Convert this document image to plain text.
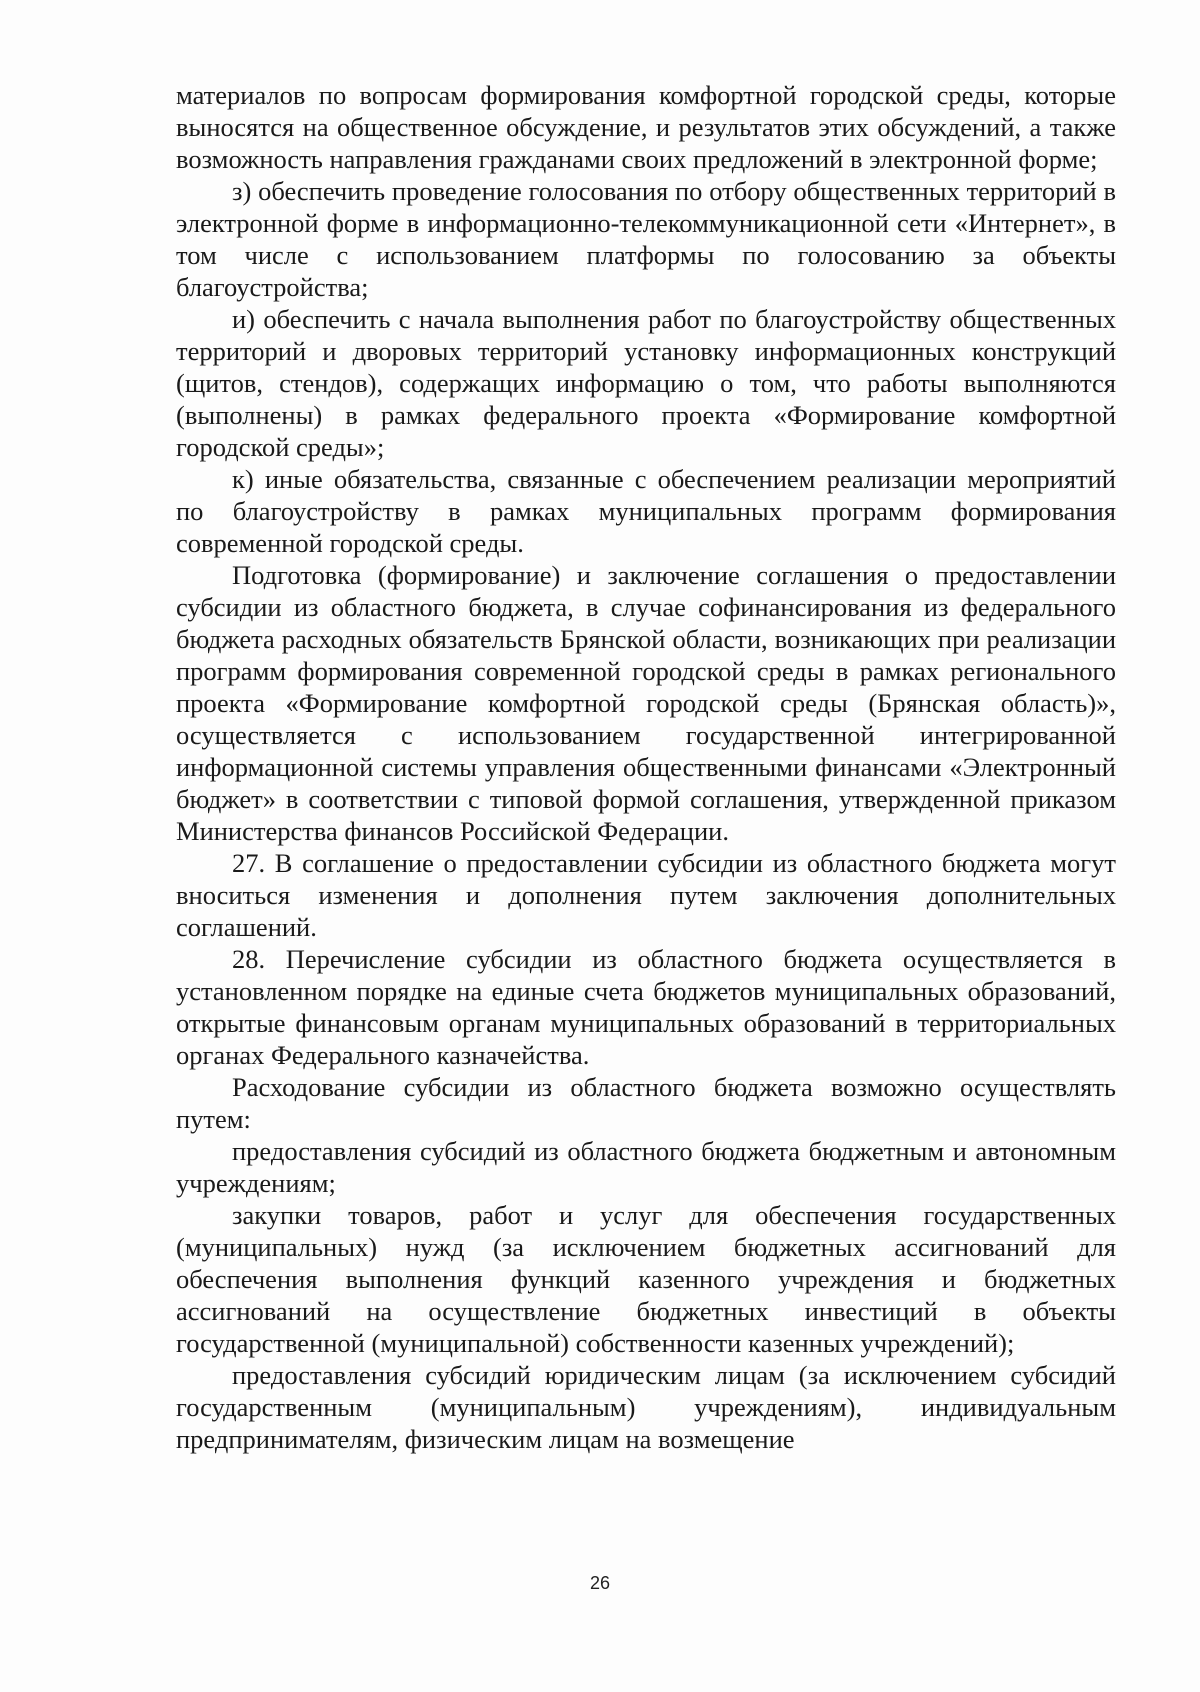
материалов по вопросам формирования комфортной городской среды, которые выносятся на общественное обсуждение, и результатов этих обсуждений, а также возможность направления гражданами своих предложений в электронной форме;

з) обеспечить проведение голосования по отбору общественных территорий в электронной форме в информационно-телекоммуникационной сети «Интернет», в том числе с использованием платформы по голосованию за объекты благоустройства;

и) обеспечить с начала выполнения работ по благоустройству общественных территорий и дворовых территорий установку информационных конструкций (щитов, стендов), содержащих информацию о том, что работы выполняются (выполнены) в рамках федерального проекта «Формирование комфортной городской среды»;

к) иные обязательства, связанные с обеспечением реализации мероприятий по благоустройству в рамках муниципальных программ формирования современной городской среды.

Подготовка (формирование) и заключение соглашения о предоставлении субсидии из областного бюджета, в случае софинансирования из федерального бюджета расходных обязательств Брянской области, возникающих при реализации программ формирования современной городской среды в рамках регионального проекта «Формирование комфортной городской среды (Брянская область)», осуществляется с использованием государственной интегрированной информационной системы управления общественными финансами «Электронный бюджет» в соответствии с типовой формой соглашения, утвержденной приказом Министерства финансов Российской Федерации.

27. В соглашение о предоставлении субсидии из областного бюджета могут вноситься изменения и дополнения путем заключения дополнительных соглашений.

28. Перечисление субсидии из областного бюджета осуществляется в установленном порядке на единые счета бюджетов муниципальных образований, открытые финансовым органам муниципальных образований в территориальных органах Федерального казначейства.

Расходование субсидии из областного бюджета возможно осуществлять путем:

предоставления субсидий из областного бюджета бюджетным и автономным учреждениям;

закупки товаров, работ и услуг для обеспечения государственных (муниципальных) нужд (за исключением бюджетных ассигнований для обеспечения выполнения функций казенного учреждения и бюджетных ассигнований на осуществление бюджетных инвестиций в объекты государственной (муниципальной) собственности казенных учреждений);

предоставления субсидий юридическим лицам (за исключением субсидий государственным (муниципальным) учреждениям), индивидуальным предпринимателям, физическим лицам на возмещение

26
